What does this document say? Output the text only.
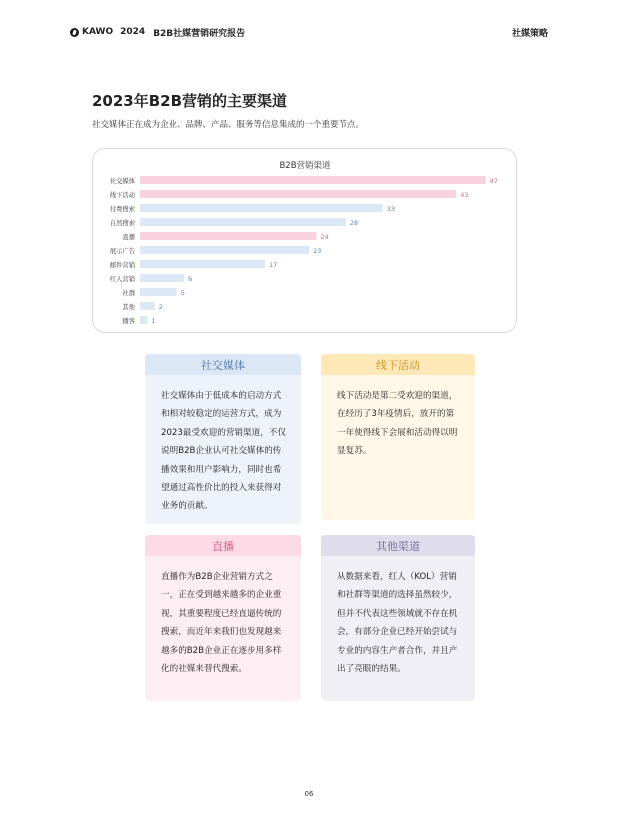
KAWO 2024 B2B社媒营销研究报告	社媒策略
2023年B2B营销的主要渠道
社交媒体正在成为企业、品牌、产品、服务等信息集成的一个重要节点。
B2B营销渠道
社交媒体	47
线下活动	43
付费搜索	33
自然搜索	28
直播	24
展示广告	23
邮件营销	17
红人营销	6
社群	5
其他	2
播客	1
社交媒体
社交媒体由于低成本的启动方式和相对较稳定的运营方式，成为2023最受欢迎的营销渠道，不仅说明B2B企业认可社交媒体的传播效果和用户影响力，同时也希望通过高性价比的投入来获得对业务的贡献。
线下活动
线下活动是第二受欢迎的渠道，在经历了3年疫情后，放开的第一年使得线下会展和活动得以明显复苏。
直播
直播作为B2B企业营销方式之一，正在受到越来越多的企业重视，其重要程度已经直逼传统的搜索，而近年来我们也发现越来越多的B2B企业正在逐步用多样化的社媒来替代搜索。
其他渠道
从数据来看，红人（KOL）营销和社群等渠道的选择虽然较少，但并不代表这些领域就不存在机会，有部分企业已经开始尝试与专业的内容生产者合作，并且产出了亮眼的结果。
06
